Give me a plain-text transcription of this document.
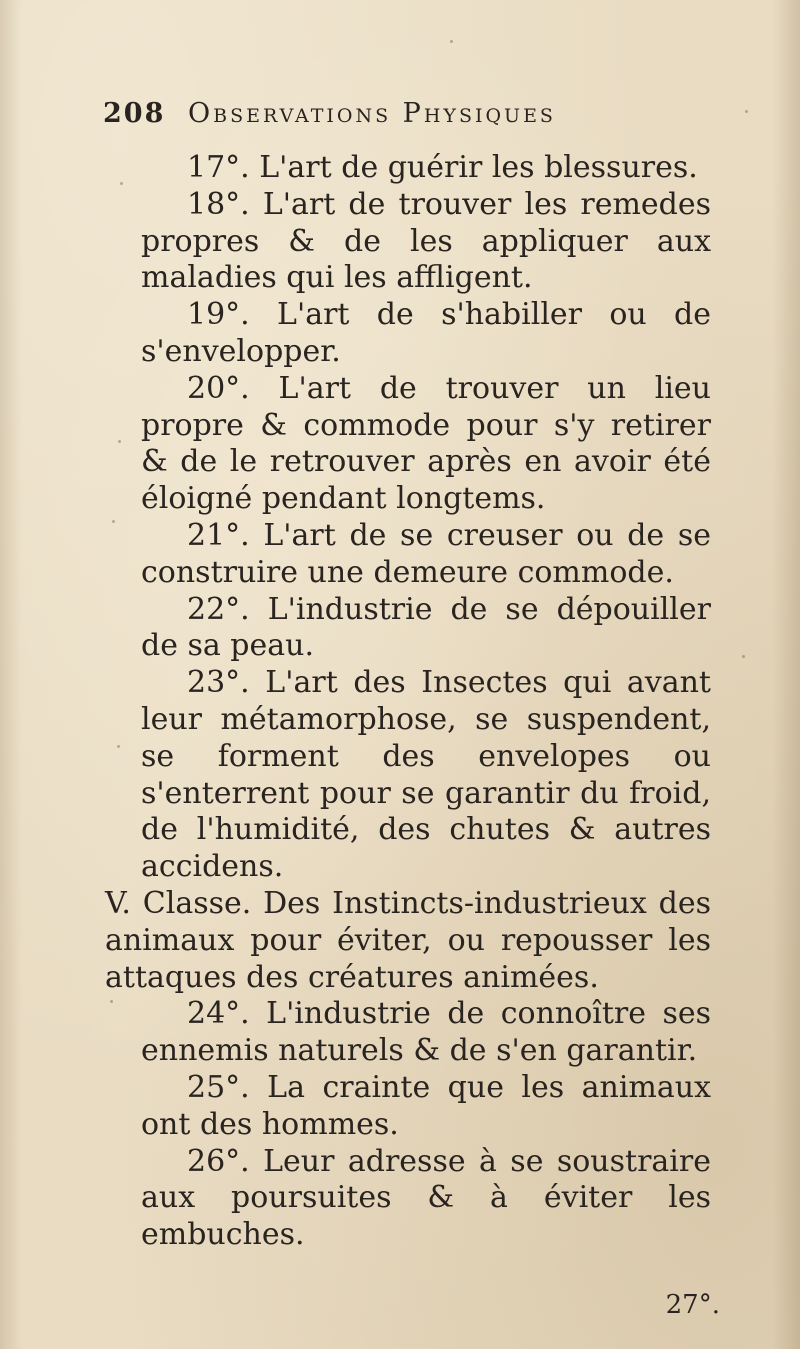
208 Observations Physiques

17°. L'art de guérir les blessures.

18°. L'art de trouver les remedes propres & de les appliquer aux maladies qui les affligent.

19°. L'art de s'habiller ou de s'envelopper.

20°. L'art de trouver un lieu propre & commode pour s'y retirer & de le retrouver après en avoir été éloigné pendant longtems.

21°. L'art de se creuser ou de se construire une demeure commode.

22°. L'industrie de se dépouiller de sa peau.

23°. L'art des Insectes qui avant leur métamorphose, se suspendent, se forment des envelopes ou s'enterrent pour se garantir du froid, de l'humidité, des chutes & autres accidens.

V. Classe. Des Instincts-industrieux des animaux pour éviter, ou repousser les attaques des créatures animées.

24°. L'industrie de connoître ses ennemis naturels & de s'en garantir.

25°. La crainte que les animaux ont des hommes.

26°. Leur adresse à se soustraire aux poursuites & à éviter les embuches.

27°.
